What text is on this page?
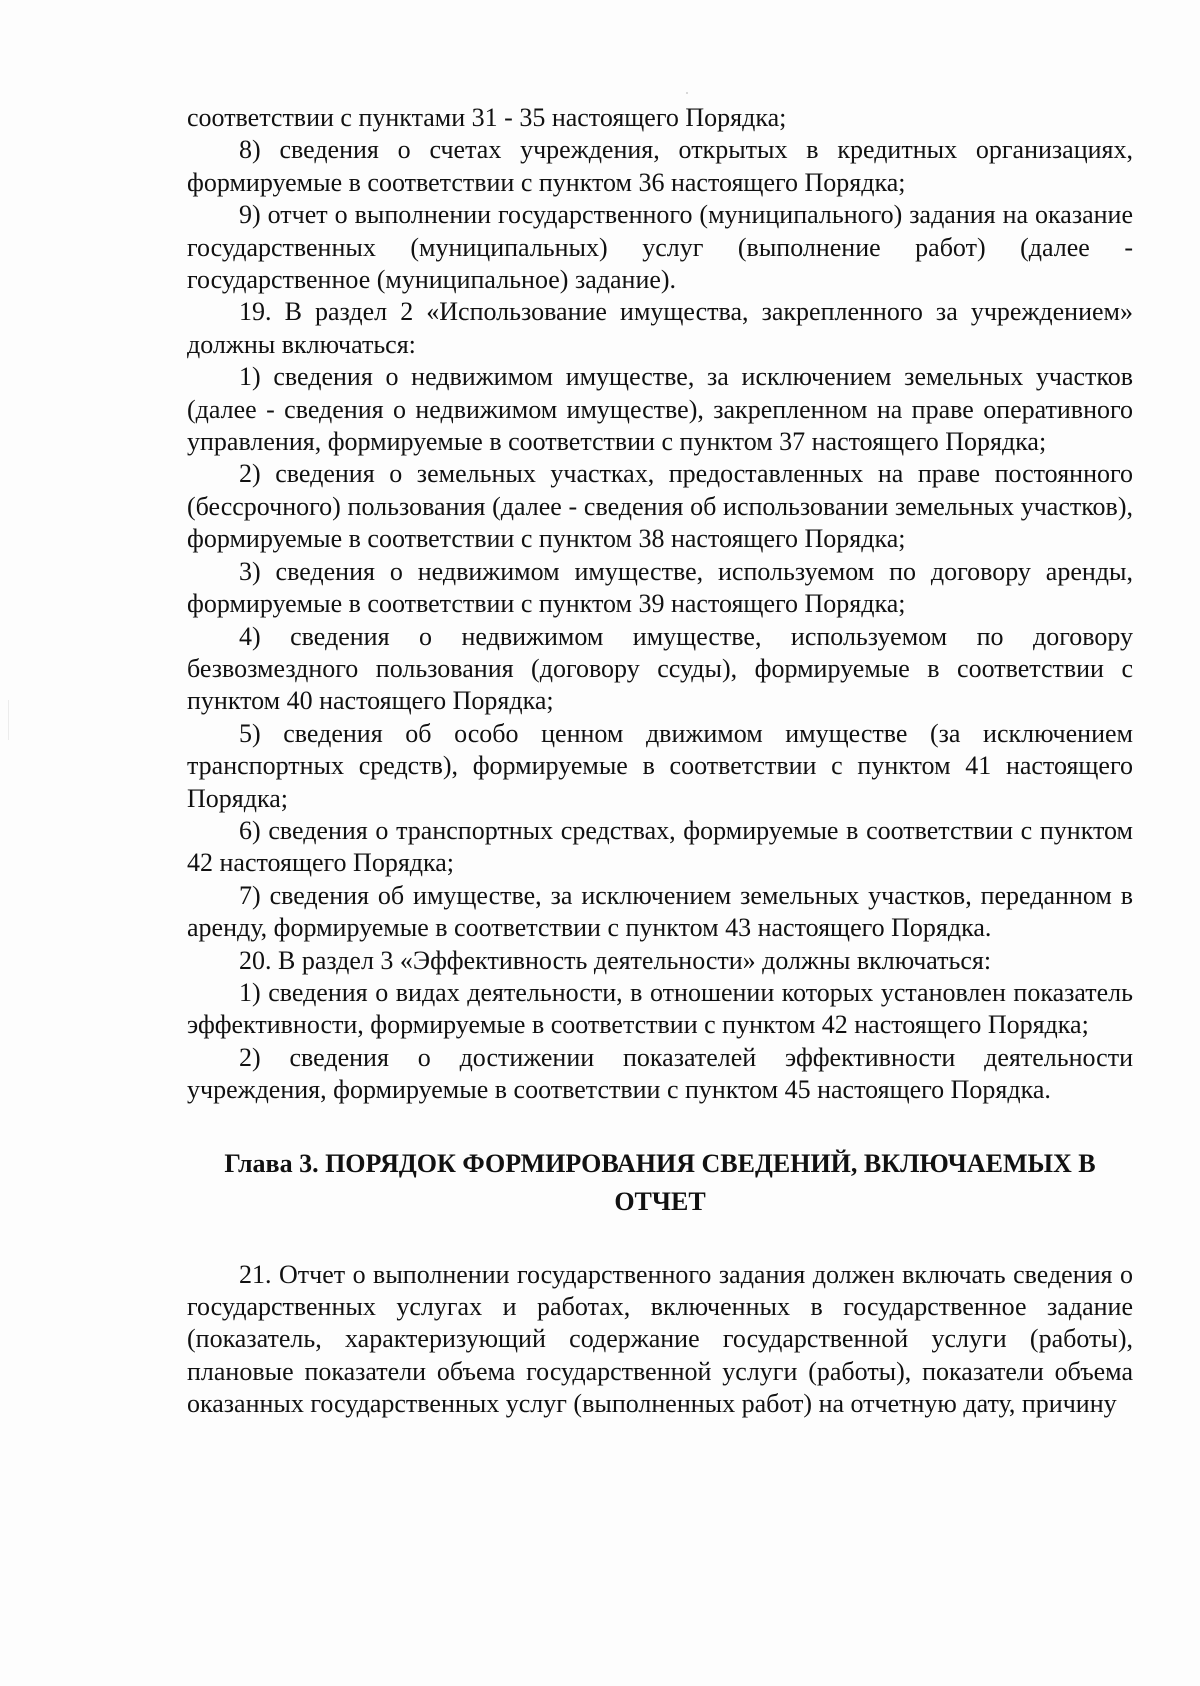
соответствии с пунктами 31 - 35 настоящего Порядка;

8) сведения о счетах учреждения, открытых в кредитных организациях, формируемые в соответствии с пунктом 36 настоящего Порядка;

9) отчет о выполнении государственного (муниципального) задания на оказание государственных (муниципальных) услуг (выполнение работ) (далее - государственное (муниципальное) задание).

19. В раздел 2 «Использование имущества, закрепленного за учреждением» должны включаться:

1) сведения о недвижимом имуществе, за исключением земельных участков (далее - сведения о недвижимом имуществе), закрепленном на праве оперативного управления, формируемые в соответствии с пунктом 37 настоящего Порядка;

2) сведения о земельных участках, предоставленных на праве постоянного (бессрочного) пользования (далее - сведения об использовании земельных участков), формируемые в соответствии с пунктом 38 настоящего Порядка;

3) сведения о недвижимом имуществе, используемом по договору аренды, формируемые в соответствии с пунктом 39 настоящего Порядка;

4) сведения о недвижимом имуществе, используемом по договору безвозмездного пользования (договору ссуды), формируемые в соответствии с пунктом 40 настоящего Порядка;

5) сведения об особо ценном движимом имуществе (за исключением транспортных средств), формируемые в соответствии с пунктом 41 настоящего Порядка;

6) сведения о транспортных средствах, формируемые в соответствии с пунктом 42 настоящего Порядка;

7) сведения об имуществе, за исключением земельных участков, переданном в аренду, формируемые в соответствии с пунктом 43 настоящего Порядка.

20. В раздел 3 «Эффективность деятельности» должны включаться:

1) сведения о видах деятельности, в отношении которых установлен показатель эффективности, формируемые в соответствии с пунктом 42 настоящего Порядка;

2) сведения о достижении показателей эффективности деятельности учреждения, формируемые в соответствии с пунктом 45 настоящего Порядка.

Глава 3. ПОРЯДОК ФОРМИРОВАНИЯ СВЕДЕНИЙ, ВКЛЮЧАЕМЫХ В ОТЧЕТ

21. Отчет о выполнении государственного задания должен включать сведения о государственных услугах и работах, включенных в государственное задание (показатель, характеризующий содержание государственной услуги (работы), плановые показатели объема государственной услуги (работы), показатели объема оказанных государственных услуг (выполненных работ) на отчетную дату, причину
